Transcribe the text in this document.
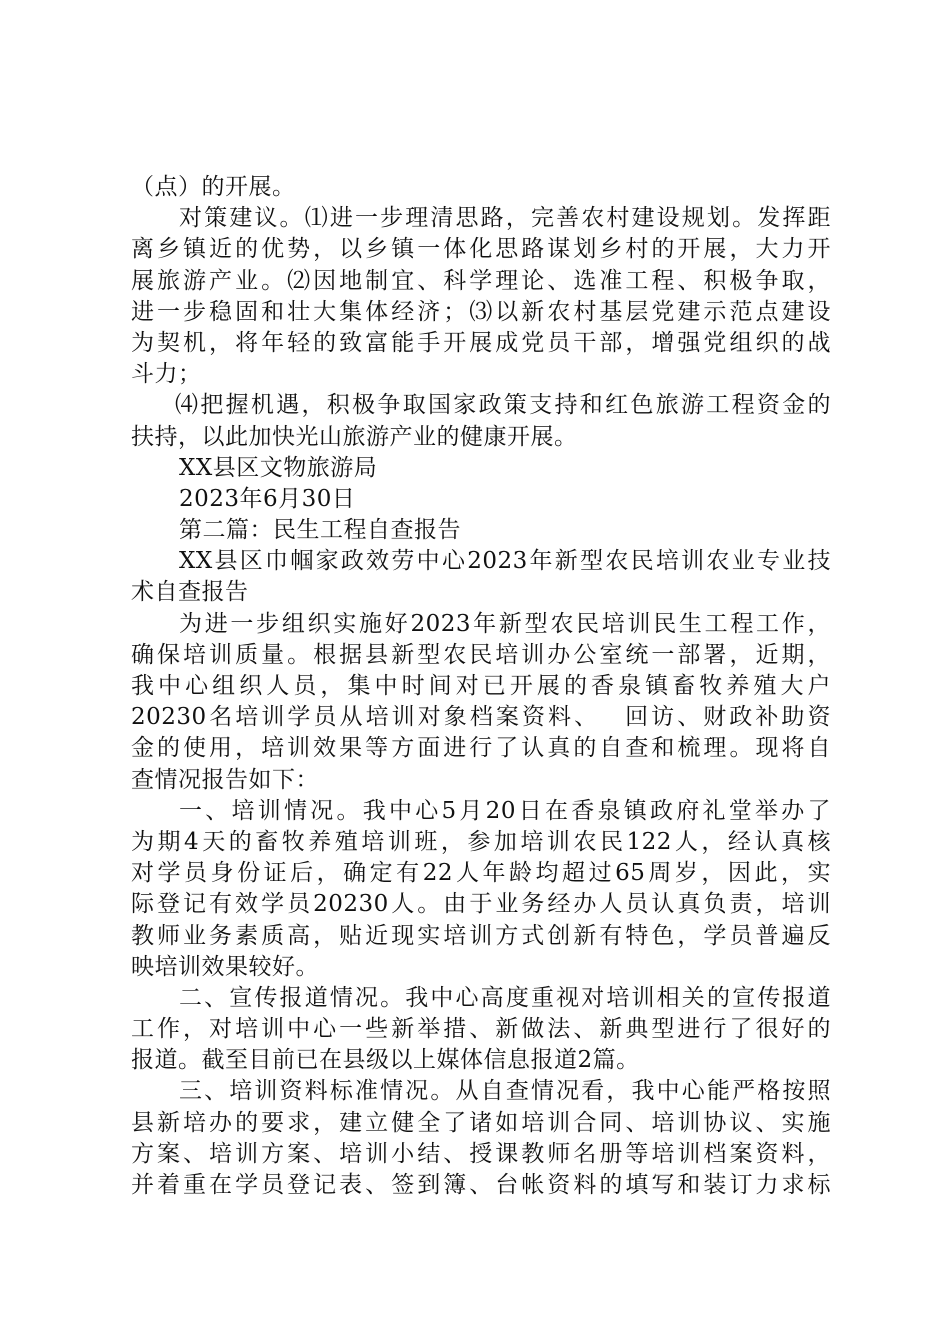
（点）的开展。
对策建议。⑴进一步理清思路，完善农村建设规划。发挥距
离乡镇近的优势，以乡镇一体化思路谋划乡村的开展，大力开
展旅游产业。⑵因地制宜、科学理论、选准工程、积极争取，
进一步稳固和壮大集体经济；⑶以新农村基层党建示范点建设
为契机，将年轻的致富能手开展成党员干部，增强党组织的战
斗力；
⑷把握机遇，积极争取国家政策支持和红色旅游工程资金的
扶持，以此加快光山旅游产业的健康开展。
XX县区文物旅游局
2023年6月30日
第二篇：民生工程自查报告
XX县区巾帼家政效劳中心2023年新型农民培训农业专业技
术自查报告
为进一步组织实施好2023年新型农民培训民生工程工作，
确保培训质量。根据县新型农民培训办公室统一部署，近期，
我中心组织人员，集中时间对已开展的香泉镇畜牧养殖大户
20230名培训学员从培训对象档案资料、　 回访、财政补助资
金的使用，培训效果等方面进行了认真的自查和梳理。现将自
查情况报告如下：
一、培训情况。我中心5月20日在香泉镇政府礼堂举办了
为期4天的畜牧养殖培训班，参加培训农民122人，经认真核
对学员身份证后，确定有22人年龄均超过65周岁，因此，实
际登记有效学员20230人。由于业务经办人员认真负责，培训
教师业务素质高，贴近现实培训方式创新有特色，学员普遍反
映培训效果较好。
二、宣传报道情况。我中心高度重视对培训相关的宣传报道
工作，对培训中心一些新举措、新做法、新典型进行了很好的
报道。截至目前已在县级以上媒体信息报道2篇。
三、培训资料标准情况。从自查情况看，我中心能严格按照
县新培办的要求，建立健全了诸如培训合同、培训协议、实施
方案、培训方案、培训小结、授课教师名册等培训档案资料，
并着重在学员登记表、签到簿、台帐资料的填写和装订力求标
